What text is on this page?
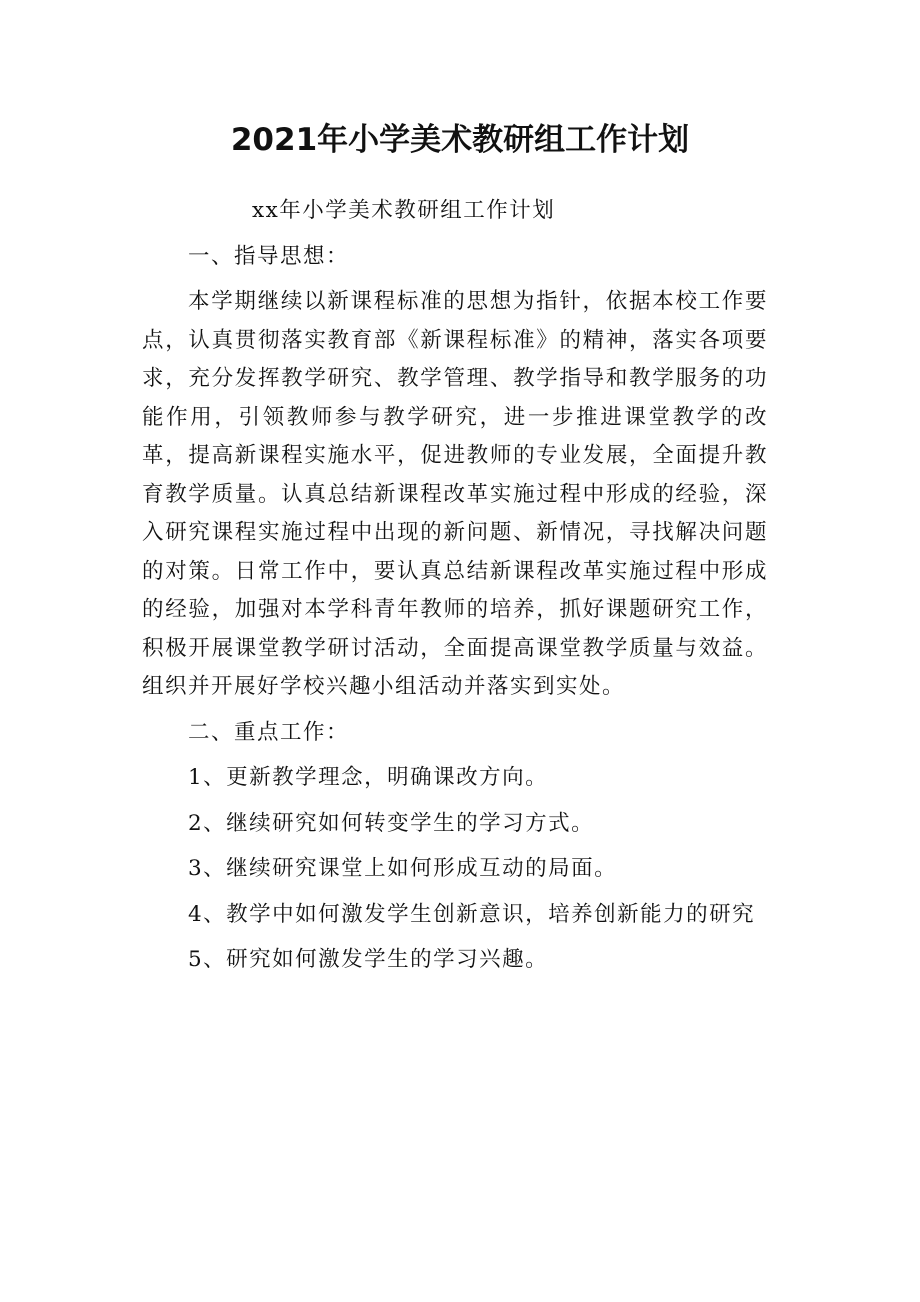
2021年小学美术教研组工作计划

xx年小学美术教研组工作计划

一、指导思想：

本学期继续以新课程标准的思想为指针，依据本校工作要点，认真贯彻落实教育部《新课程标准》的精神，落实各项要求，充分发挥教学研究、教学管理、教学指导和教学服务的功能作用，引领教师参与教学研究，进一步推进课堂教学的改革，提高新课程实施水平，促进教师的专业发展，全面提升教育教学质量。认真总结新课程改革实施过程中形成的经验，深入研究课程实施过程中出现的新问题、新情况，寻找解决问题的对策。日常工作中，要认真总结新课程改革实施过程中形成的经验，加强对本学科青年教师的培养，抓好课题研究工作，积极开展课堂教学研讨活动，全面提高课堂教学质量与效益。组织并开展好学校兴趣小组活动并落实到实处。

二、重点工作：

1、更新教学理念，明确课改方向。

2、继续研究如何转变学生的学习方式。

3、继续研究课堂上如何形成互动的局面。

4、教学中如何激发学生创新意识，培养创新能力的研究

5、研究如何激发学生的学习兴趣。
